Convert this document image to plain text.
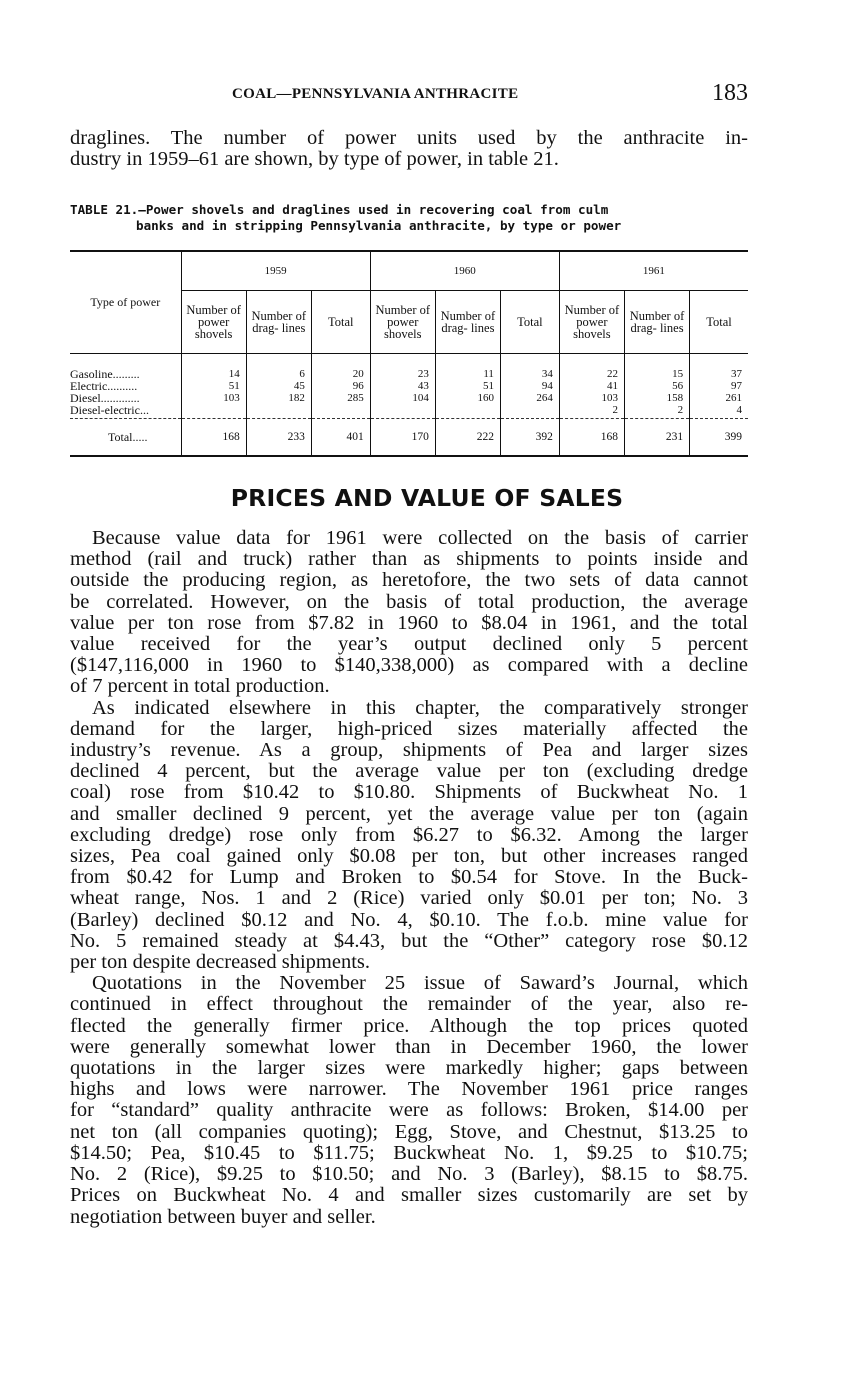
COAL—PENNSYLVANIA ANTHRACITE	183
draglines. The number of power units used by the anthracite in-
dustry in 1959–61 are shown, by type of power, in table 21.
TABLE 21.—Power shovels and draglines used in recovering coal from culm
banks and in stripping Pennsylvania anthracite, by type or power
Type of power	1959			1960			1961		
	Number of power shovels	Number of drag- lines	Total	Number of power shovels	Number of drag- lines	Total	Number of power shovels	Number of drag- lines	Total
Gasoline.........	14	6	20	23	11	34	22	15	37
Electric..........	51	45	96	43	51	94	41	56	97
Diesel.............	103	182	285	104	160	264	103	158	261
Diesel-electric...							2	2	4
Total.....	168	233	401	170	222	392	168	231	399
PRICES AND VALUE OF SALES
Because value data for 1961 were collected on the basis of carrier
method (rail and truck) rather than as shipments to points inside and
outside the producing region, as heretofore, the two sets of data cannot
be correlated. However, on the basis of total production, the average
value per ton rose from $7.82 in 1960 to $8.04 in 1961, and the total
value received for the year’s output declined only 5 percent
($147,116,000 in 1960 to $140,338,000) as compared with a decline
of 7 percent in total production.
As indicated elsewhere in this chapter, the comparatively stronger
demand for the larger, high-priced sizes materially affected the
industry’s revenue. As a group, shipments of Pea and larger sizes
declined 4 percent, but the average value per ton (excluding dredge
coal) rose from $10.42 to $10.80. Shipments of Buckwheat No. 1
and smaller declined 9 percent, yet the average value per ton (again
excluding dredge) rose only from $6.27 to $6.32. Among the larger
sizes, Pea coal gained only $0.08 per ton, but other increases ranged
from $0.42 for Lump and Broken to $0.54 for Stove. In the Buck-
wheat range, Nos. 1 and 2 (Rice) varied only $0.01 per ton; No. 3
(Barley) declined $0.12 and No. 4, $0.10. The f.o.b. mine value for
No. 5 remained steady at $4.43, but the “Other” category rose $0.12
per ton despite decreased shipments.
Quotations in the November 25 issue of Saward’s Journal, which
continued in effect throughout the remainder of the year, also re-
flected the generally firmer price. Although the top prices quoted
were generally somewhat lower than in December 1960, the lower
quotations in the larger sizes were markedly higher; gaps between
highs and lows were narrower. The November 1961 price ranges
for “standard” quality anthracite were as follows: Broken, $14.00 per
net ton (all companies quoting); Egg, Stove, and Chestnut, $13.25 to
$14.50; Pea, $10.45 to $11.75; Buckwheat No. 1, $9.25 to $10.75;
No. 2 (Rice), $9.25 to $10.50; and No. 3 (Barley), $8.15 to $8.75.
Prices on Buckwheat No. 4 and smaller sizes customarily are set by
negotiation between buyer and seller.
